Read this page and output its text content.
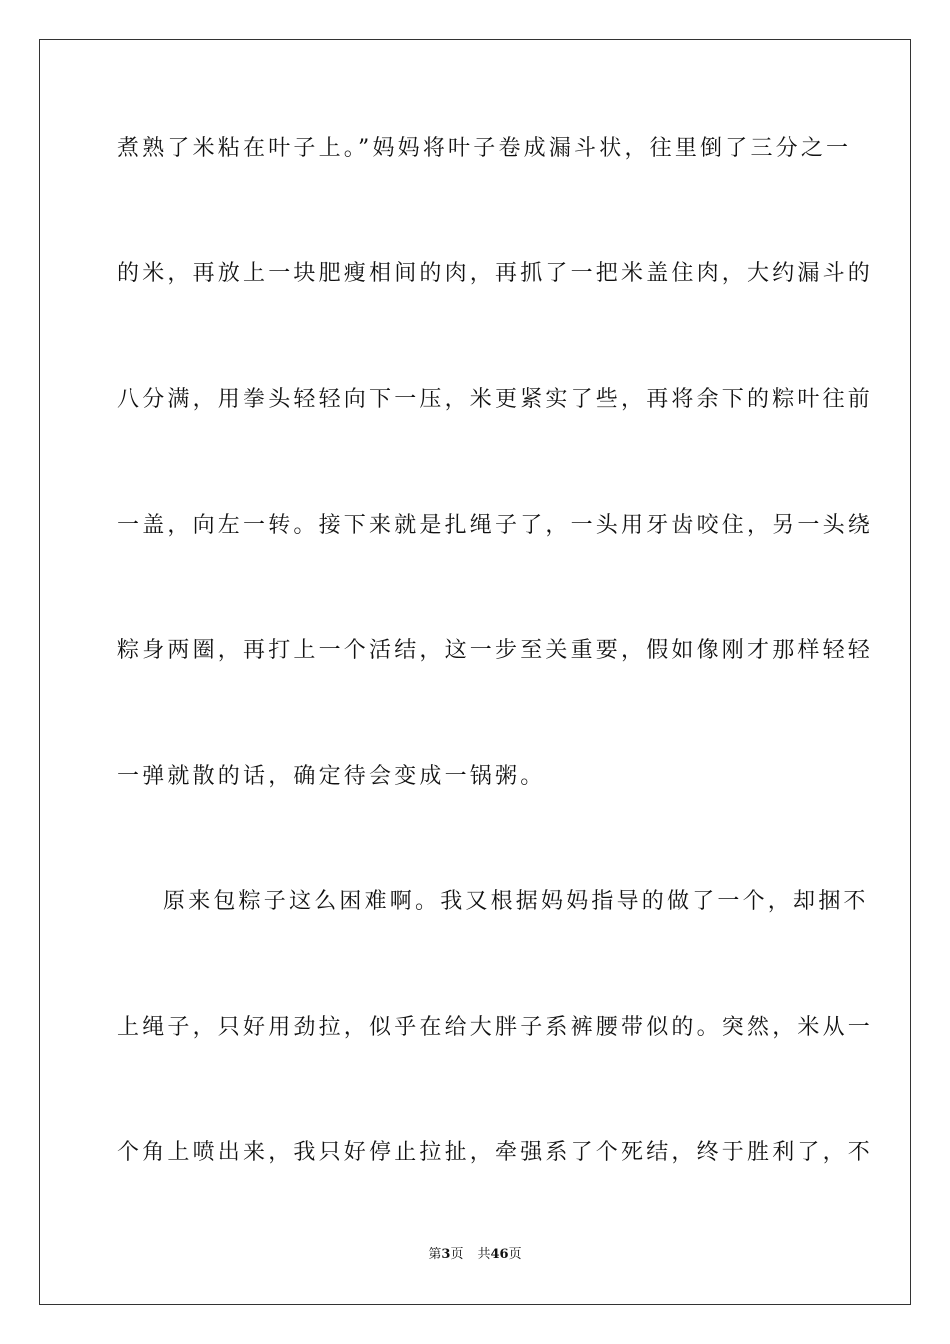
煮熟了米粘在叶子上。”妈妈将叶子卷成漏斗状，往里倒了三分之一
的米，再放上一块肥瘦相间的肉，再抓了一把米盖住肉，大约漏斗的
八分满，用拳头轻轻向下一压，米更紧实了些，再将余下的粽叶往前
一盖，向左一转。接下来就是扎绳子了，一头用牙齿咬住，另一头绕
粽身两圈，再打上一个活结，这一步至关重要，假如像刚才那样轻轻
一弹就散的话，确定待会变成一锅粥。
原来包粽子这么困难啊。我又根据妈妈指导的做了一个，却捆不
上绳子，只好用劲拉，似乎在给大胖子系裤腰带似的。突然，米从一
个角上喷出来，我只好停止拉扯，牵强系了个死结，终于胜利了，不
第3页 共46页
